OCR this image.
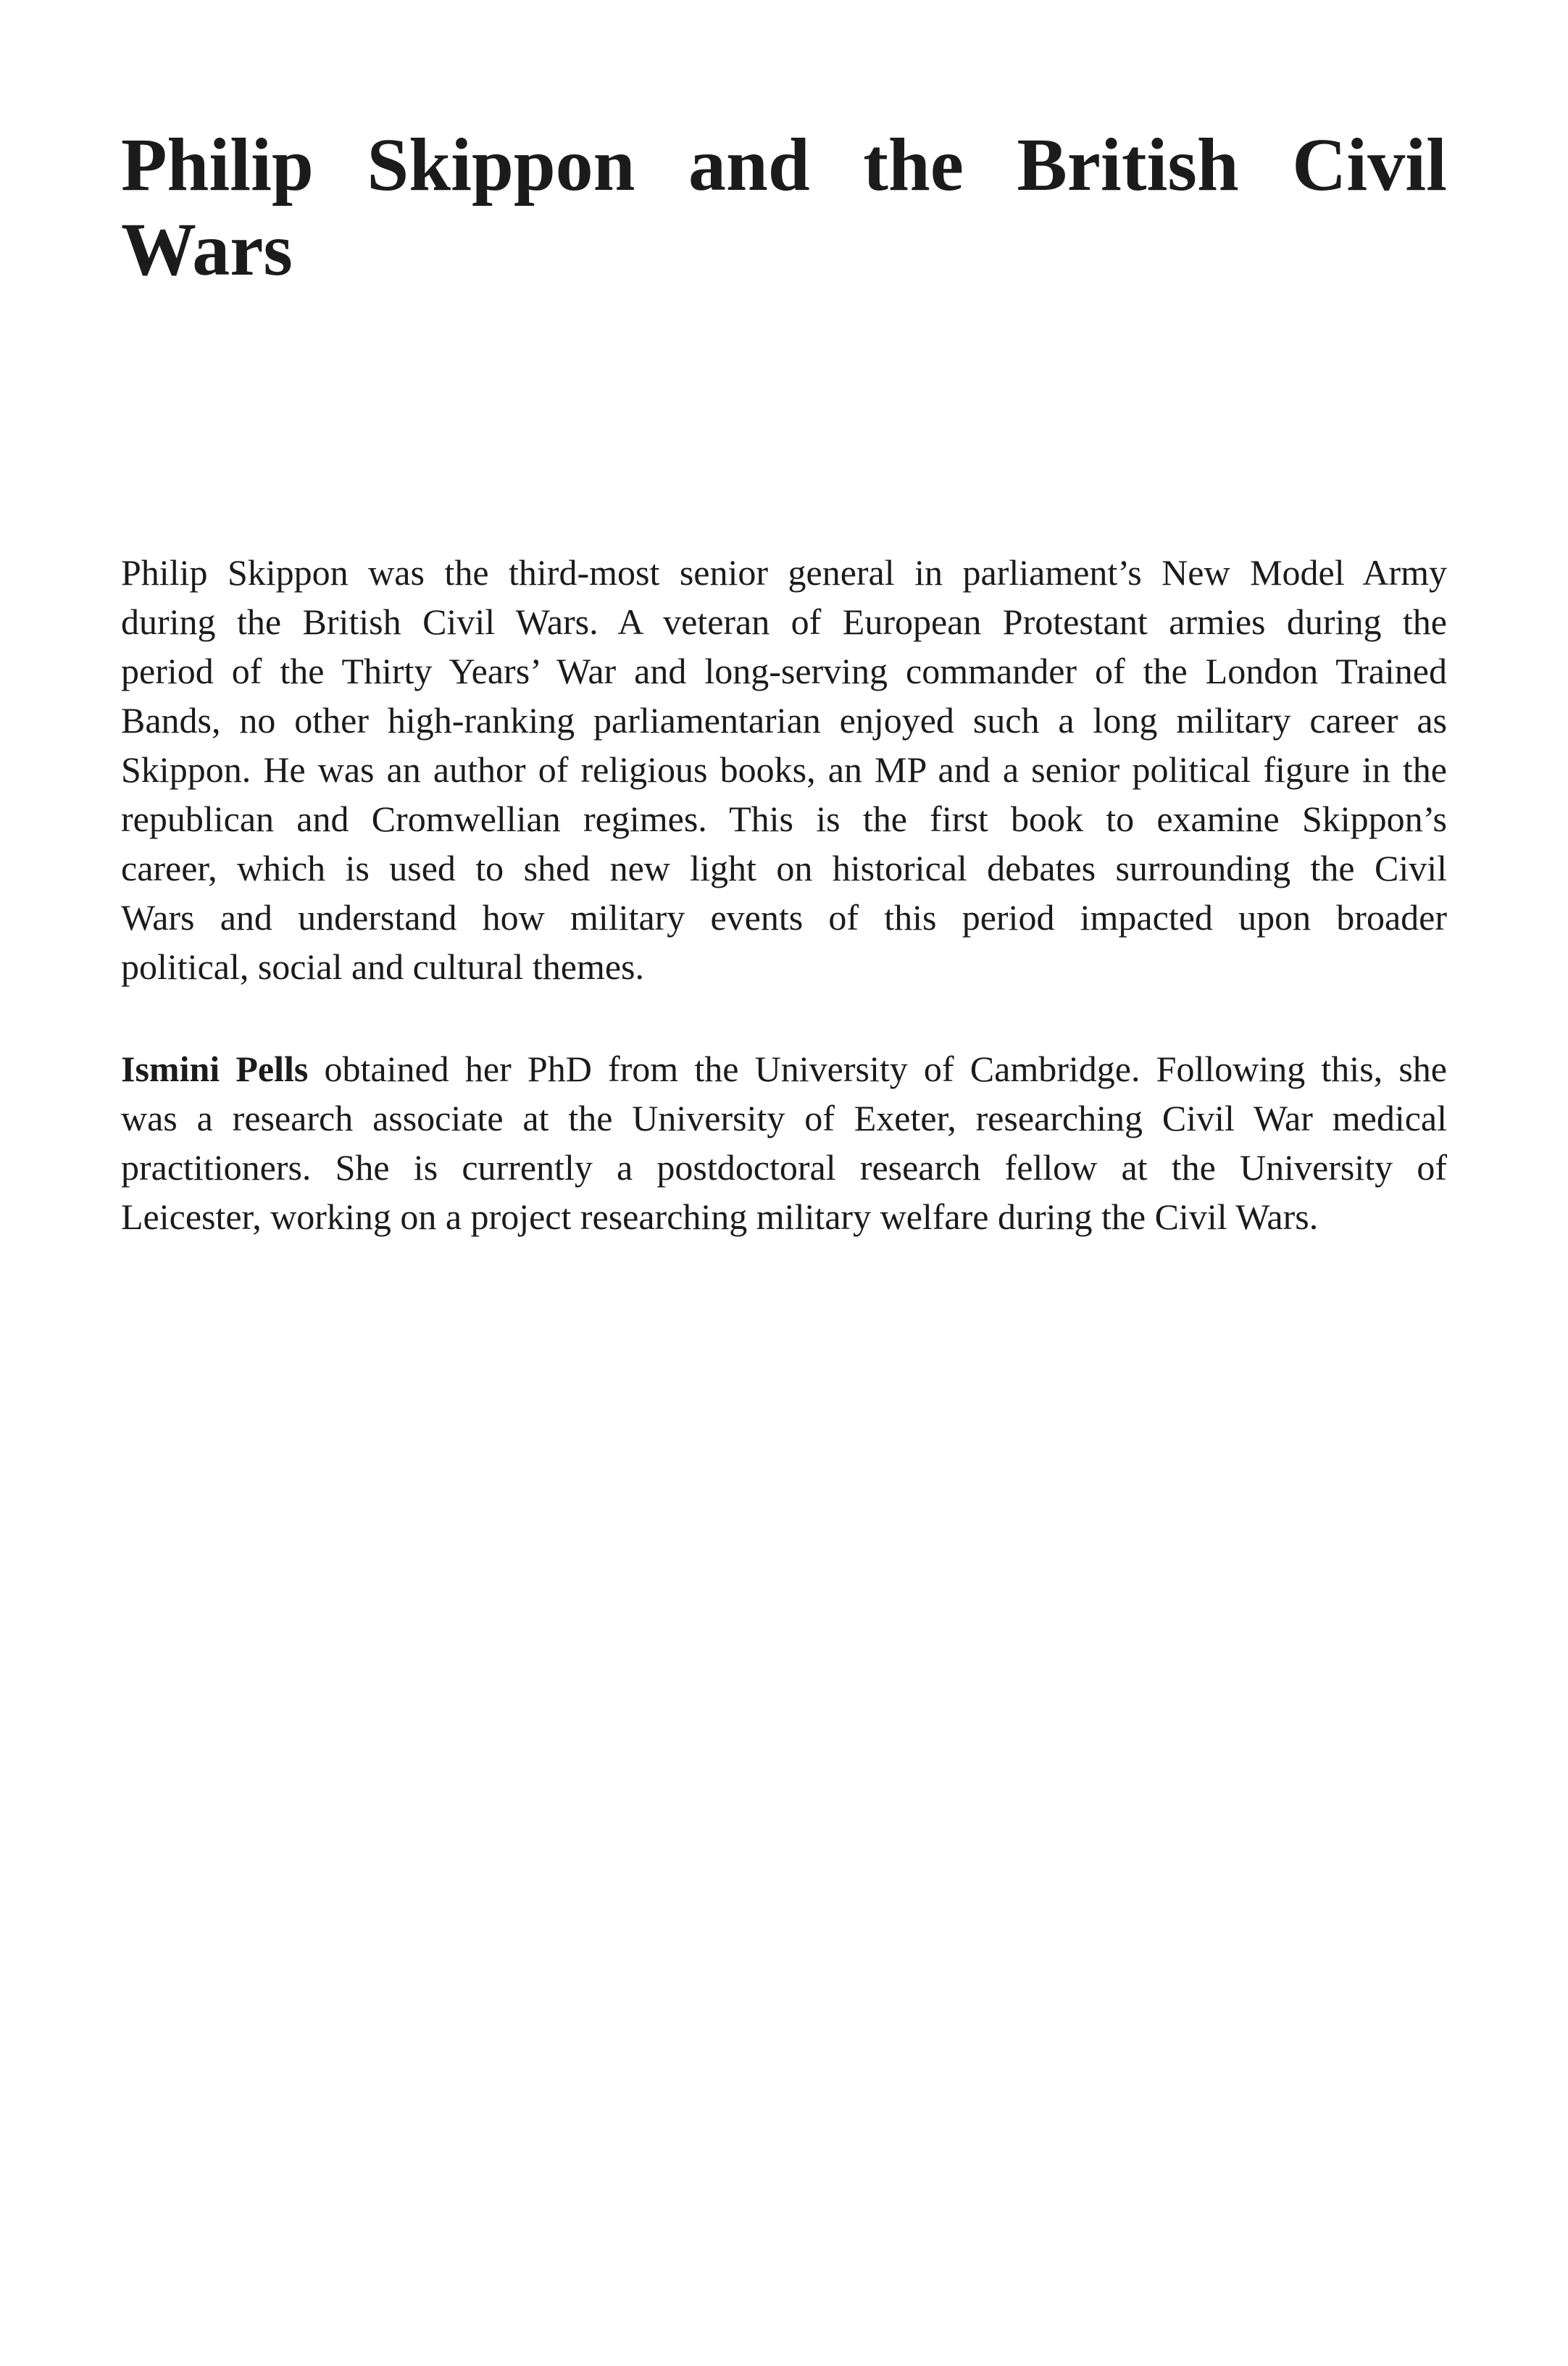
Philip Skippon and the British Civil
Wars
Philip Skippon was the third-most senior general in parliament’s New Model Army
during the British Civil Wars. A veteran of European Protestant armies during the
period of the Thirty Years’ War and long-serving commander of the London Trained
Bands, no other high-ranking parliamentarian enjoyed such a long military career as
Skippon. He was an author of religious books, an MP and a senior political figure in the
republican and Cromwellian regimes. This is the first book to examine Skippon’s
career, which is used to shed new light on historical debates surrounding the Civil
Wars and understand how military events of this period impacted upon broader
political, social and cultural themes.
Ismini Pells obtained her PhD from the University of Cambridge. Following this, she
was a research associate at the University of Exeter, researching Civil War medical
practitioners. She is currently a postdoctoral research fellow at the University of
Leicester, working on a project researching military welfare during the Civil Wars.
